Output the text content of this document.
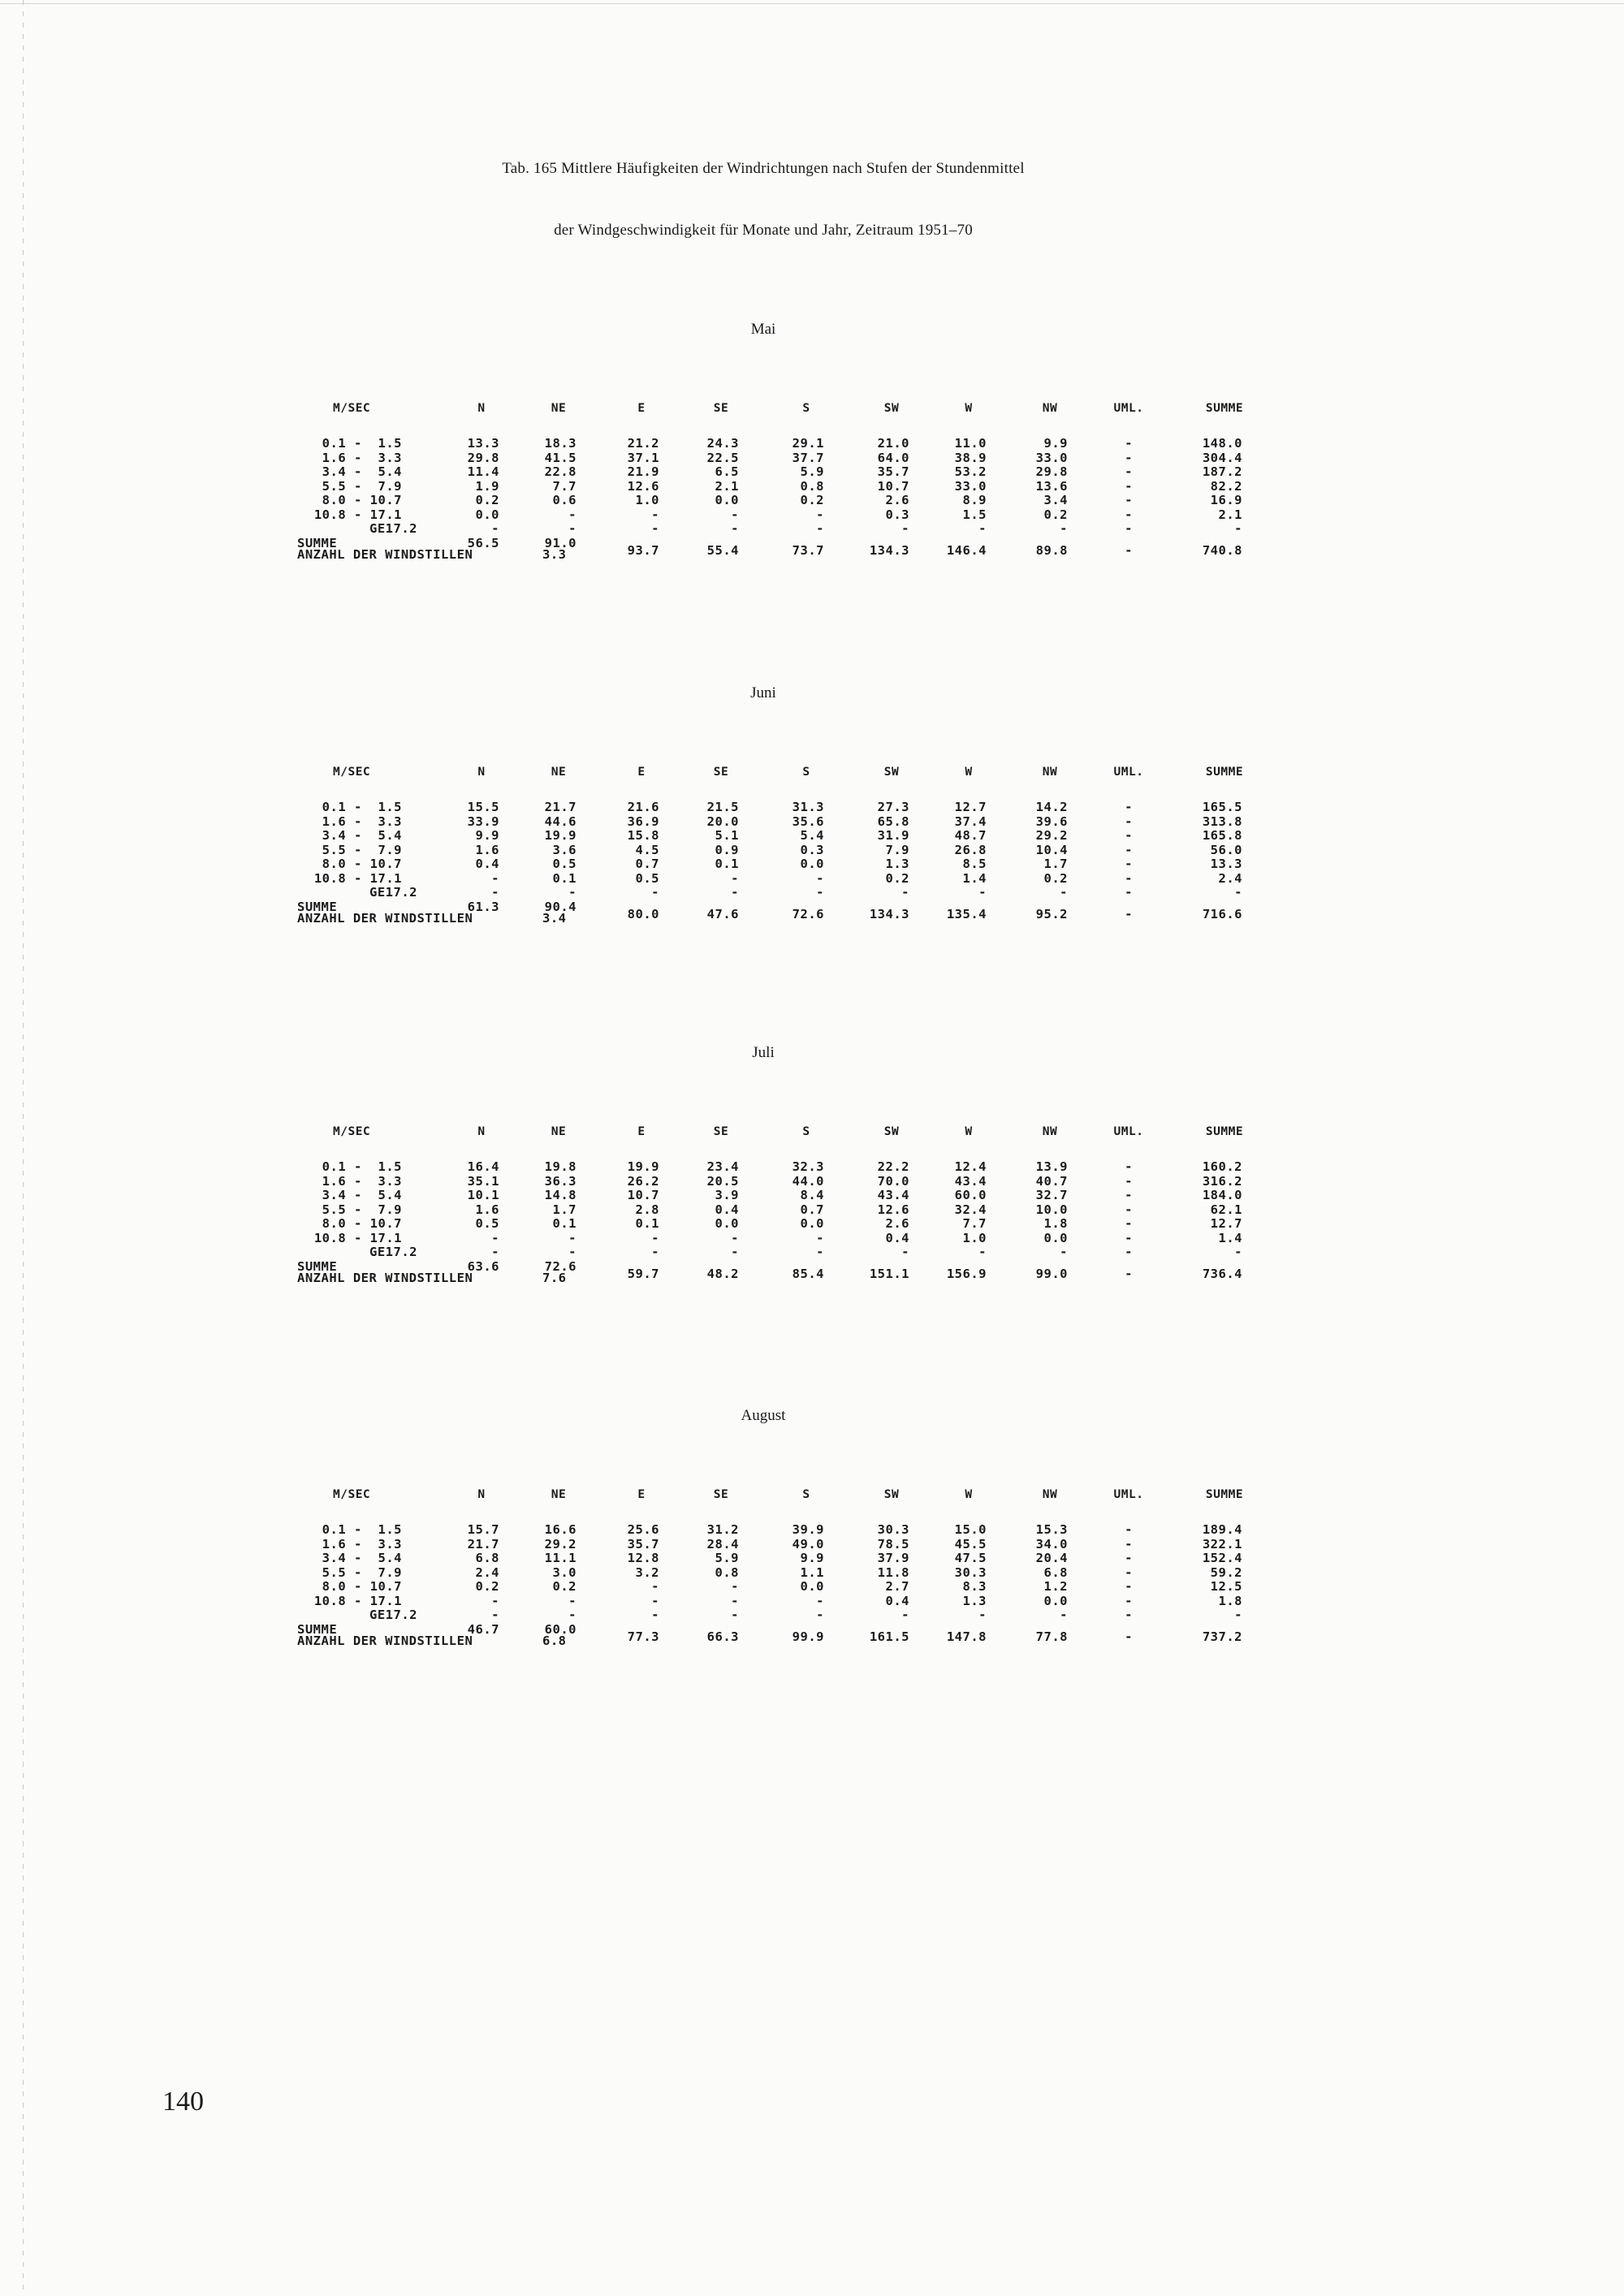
Tab. 165 Mittlere Häufigkeiten der Windrichtungen nach Stufen der Stundenmittel
der Windgeschwindigkeit für Monate und Jahr, Zeitraum 1951–70
Mai
M/SEC	N	NE	E	SE	S	SW	W	NW	UML.	SUMME
0.1 -  1.5	13.3	18.3	21.2	24.3	29.1	21.0	11.0	9.9	-	148.0
1.6 -  3.3	29.8	41.5	37.1	22.5	37.7	64.0	38.9	33.0	-	304.4
3.4 -  5.4	11.4	22.8	21.9	6.5	5.9	35.7	53.2	29.8	-	187.2
5.5 -  7.9	1.9	7.7	12.6	2.1	0.8	10.7	33.0	13.6	-	82.2
8.0 - 10.7	0.2	0.6	1.0	0.0	0.2	2.6	8.9	3.4	-	16.9
10.8 - 17.1	0.0	-	-	-	-	0.3	1.5	0.2	-	2.1
GE17.2	-	-	-	-	-	-	-	-	-	-
SUMME	56.5	91.0	93.7	55.4	73.7	134.3	146.4	89.8	-	740.8
ANZAHL DER WINDSTILLEN	3.3
Juni
M/SEC	N	NE	E	SE	S	SW	W	NW	UML.	SUMME
0.1 -  1.5	15.5	21.7	21.6	21.5	31.3	27.3	12.7	14.2	-	165.5
1.6 -  3.3	33.9	44.6	36.9	20.0	35.6	65.8	37.4	39.6	-	313.8
3.4 -  5.4	9.9	19.9	15.8	5.1	5.4	31.9	48.7	29.2	-	165.8
5.5 -  7.9	1.6	3.6	4.5	0.9	0.3	7.9	26.8	10.4	-	56.0
8.0 - 10.7	0.4	0.5	0.7	0.1	0.0	1.3	8.5	1.7	-	13.3
10.8 - 17.1	-	0.1	0.5	-	-	0.2	1.4	0.2	-	2.4
GE17.2	-	-	-	-	-	-	-	-	-	-
SUMME	61.3	90.4	80.0	47.6	72.6	134.3	135.4	95.2	-	716.6
ANZAHL DER WINDSTILLEN	3.4
Juli
M/SEC	N	NE	E	SE	S	SW	W	NW	UML.	SUMME
0.1 -  1.5	16.4	19.8	19.9	23.4	32.3	22.2	12.4	13.9	-	160.2
1.6 -  3.3	35.1	36.3	26.2	20.5	44.0	70.0	43.4	40.7	-	316.2
3.4 -  5.4	10.1	14.8	10.7	3.9	8.4	43.4	60.0	32.7	-	184.0
5.5 -  7.9	1.6	1.7	2.8	0.4	0.7	12.6	32.4	10.0	-	62.1
8.0 - 10.7	0.5	0.1	0.1	0.0	0.0	2.6	7.7	1.8	-	12.7
10.8 - 17.1	-	-	-	-	-	0.4	1.0	0.0	-	1.4
GE17.2	-	-	-	-	-	-	-	-	-	-
SUMME	63.6	72.6	59.7	48.2	85.4	151.1	156.9	99.0	-	736.4
ANZAHL DER WINDSTILLEN	7.6
August
M/SEC	N	NE	E	SE	S	SW	W	NW	UML.	SUMME
0.1 -  1.5	15.7	16.6	25.6	31.2	39.9	30.3	15.0	15.3	-	189.4
1.6 -  3.3	21.7	29.2	35.7	28.4	49.0	78.5	45.5	34.0	-	322.1
3.4 -  5.4	6.8	11.1	12.8	5.9	9.9	37.9	47.5	20.4	-	152.4
5.5 -  7.9	2.4	3.0	3.2	0.8	1.1	11.8	30.3	6.8	-	59.2
8.0 - 10.7	0.2	0.2	-	-	0.0	2.7	8.3	1.2	-	12.5
10.8 - 17.1	-	-	-	-	-	0.4	1.3	0.0	-	1.8
GE17.2	-	-	-	-	-	-	-	-	-	-
SUMME	46.7	60.0	77.3	66.3	99.9	161.5	147.8	77.8	-	737.2
ANZAHL DER WINDSTILLEN	6.8
140
